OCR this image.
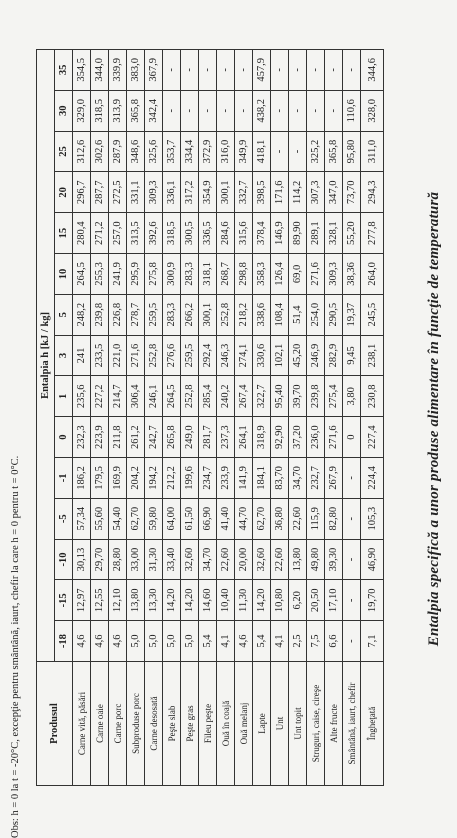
Entalpia specifică a unor produse alimentare în funcţie de temperatură
Produsul	Entalpia h [kJ / kg]														
	-18	-15	-10	-5	-1	0	1	3	5	10	15	20	25	30	35
Carne vită, păsări	4,6	12,97	30,13	57,34	186,2	232,3	235,6	241	248,2	264,5	280,4	296,7	312,6	329,0	354,5
Carne oaie	4,6	12,55	29,70	55,60	179,5	223,9	227,2	233,5	239,8	255,3	271,2	287,7	302,6	318,5	344,0
Carne porc	4,6	12,10	28,80	54,40	169,9	211,8	214,7	221,0	226,8	241,9	257,0	272,5	287,9	313,9	339,9
Subproduse porc	5,0	13,80	33,00	62,70	204,2	261,2	306,4	271,6	278,7	295,9	313,5	331,1	348,6	365,8	383,0
Carne desosată	5,0	13,30	31,30	59,80	194,2	242,7	246,1	252,8	259,5	275,8	392,6	309,3	325,6	342,4	367,9
Peşte slab	5,0	14,20	33,40	64,00	212,2	265,8	264,5	276,6	283,3	300,9	318,5	336,1	353,7	-	-
Peşte gras	5,0	14,20	32,60	61,50	199,6	249,0	252,8	259,5	266,2	283,3	300,5	317,2	334,4	-	-
Fileu peşte	5,4	14,60	34,70	66,90	234,7	281,7	285,4	292,4	300,1	318,1	336,5	354,9	372,9	-	-
Ouă în coajă	4,1	10,40	22,60	41,40	233,9	237,3	240,2	246,3	252,8	268,7	284,6	300,1	316,0	-	-
Ouă melanj	4,6	11,30	20,00	44,70	141,9	264,1	267,4	274,1	218,2	298,8	315,6	332,7	349,9	-	-
Lapte	5,4	14,20	32,60	62,70	184,1	318,9	322,7	330,6	338,6	358,3	378,4	398,5	418,1	438,2	457,9
Unt	4,1	10,80	22,60	36,80	83,70	92,90	95,40	102,1	108,4	126,4	146,9	171,6	-	-	-
Unt topit	2,5	6,20	13,80	22,60	34,70	37,20	39,70	45,20	51,4	69,0	89,90	114,2	-	-	-
Struguri, caise, cireşe	7,5	20,50	49,80	115,9	232,7	236,0	239,8	246,9	254,0	271,6	289,1	307,3	325,2	-	-
Alte fructe	6,6	17,10	39,30	82,80	267,9	271,6	275,4	282,9	290,5	309,3	328,1	347,0	365,8	-	-
Smântână, iaurt, chefir	-	-	-	-	-	0	3,80	9,45	19,37	38,36	55,20	73,70	95,80	110,6	-
Îngheţată	7,1	19,70	46,90	105,3	224,4	227,4	230,8	238,1	245,5	264,0	277,8	294,3	311,0	328,0	344,6
Obs: h = 0 la t = -20°C, excepţie pentru smântână, iaurt, chefir la care h = 0 pentru t = 0°C.
